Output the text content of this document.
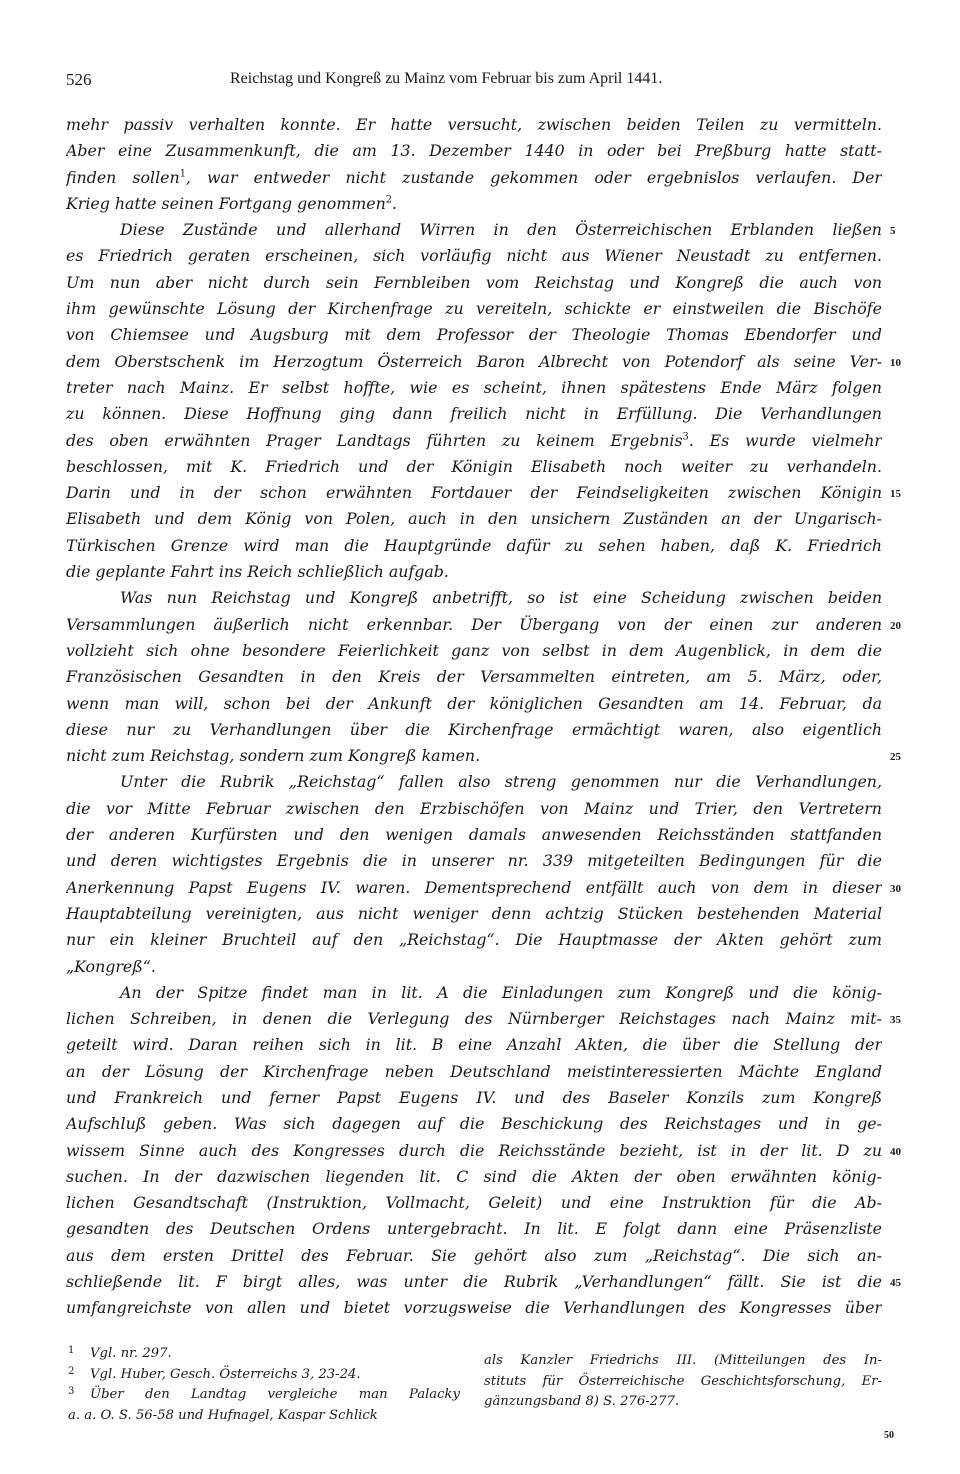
526	Reichstag und Kongreß zu Mainz vom Februar bis zum April 1441.
mehr passiv verhalten konnte. Er hatte versucht, zwischen beiden Teilen zu vermitteln.
Aber eine Zusammenkunft, die am 13. Dezember 1440 in oder bei Preßburg hatte statt-
finden sollen$^1$, war entweder nicht zustande gekommen oder ergebnislos verlaufen. Der
Krieg hatte seinen Fortgang genommen$^2$.
Diese Zustände und allerhand Wirren in den Österreichischen Erblanden ließen
es Friedrich geraten erscheinen, sich vorläufig nicht aus Wiener Neustadt zu entfernen.
Um nun aber nicht durch sein Fernbleiben vom Reichstag und Kongreß die auch von
ihm gewünschte Lösung der Kirchenfrage zu vereiteln, schickte er einstweilen die Bischöfe
von Chiemsee und Augsburg mit dem Professor der Theologie Thomas Ebendorfer und
dem Oberstschenk im Herzogtum Österreich Baron Albrecht von Potendorf als seine Ver-
treter nach Mainz. Er selbst hoffte, wie es scheint, ihnen spätestens Ende März folgen
zu können. Diese Hoffnung ging dann freilich nicht in Erfüllung. Die Verhandlungen
des oben erwähnten Prager Landtags führten zu keinem Ergebnis$^3$. Es wurde vielmehr
beschlossen, mit K. Friedrich und der Königin Elisabeth noch weiter zu verhandeln.
Darin und in der schon erwähnten Fortdauer der Feindseligkeiten zwischen Königin
Elisabeth und dem König von Polen, auch in den unsichern Zuständen an der Ungarisch-
Türkischen Grenze wird man die Hauptgründe dafür zu sehen haben, daß K. Friedrich
die geplante Fahrt ins Reich schließlich aufgab.
Was nun Reichstag und Kongreß anbetrifft, so ist eine Scheidung zwischen beiden
Versammlungen äußerlich nicht erkennbar. Der Übergang von der einen zur anderen
vollzieht sich ohne besondere Feierlichkeit ganz von selbst in dem Augenblick, in dem die
Französischen Gesandten in den Kreis der Versammelten eintreten, am 5. März, oder,
wenn man will, schon bei der Ankunft der königlichen Gesandten am 14. Februar, da
diese nur zu Verhandlungen über die Kirchenfrage ermächtigt waren, also eigentlich
nicht zum Reichstag, sondern zum Kongreß kamen.
Unter die Rubrik „Reichstag“ fallen also streng genommen nur die Verhandlungen,
die vor Mitte Februar zwischen den Erzbischöfen von Mainz und Trier, den Vertretern
der anderen Kurfürsten und den wenigen damals anwesenden Reichsständen stattfanden
und deren wichtigstes Ergebnis die in unserer nr. 339 mitgeteilten Bedingungen für die
Anerkennung Papst Eugens IV. waren. Dementsprechend entfällt auch von dem in dieser
Hauptabteilung vereinigten, aus nicht weniger denn achtzig Stücken bestehenden Material
nur ein kleiner Bruchteil auf den „Reichstag“. Die Hauptmasse der Akten gehört zum
„Kongreß“.
An der Spitze findet man in lit. A die Einladungen zum Kongreß und die könig-
lichen Schreiben, in denen die Verlegung des Nürnberger Reichstages nach Mainz mit-
geteilt wird. Daran reihen sich in lit. B eine Anzahl Akten, die über die Stellung der
an der Lösung der Kirchenfrage neben Deutschland meistinteressierten Mächte England
und Frankreich und ferner Papst Eugens IV. und des Baseler Konzils zum Kongreß
Aufschluß geben. Was sich dagegen auf die Beschickung des Reichstages und in ge-
wissem Sinne auch des Kongresses durch die Reichsstände bezieht, ist in der lit. D zu
suchen. In der dazwischen liegenden lit. C sind die Akten der oben erwähnten könig-
lichen Gesandtschaft (Instruktion, Vollmacht, Geleit) und eine Instruktion für die Ab-
gesandten des Deutschen Ordens untergebracht. In lit. E folgt dann eine Präsenzliste
aus dem ersten Drittel des Februar. Sie gehört also zum „Reichstag“. Die sich an-
schließende lit. F birgt alles, was unter die Rubrik „Verhandlungen“ fällt. Sie ist die
umfangreichste von allen und bietet vorzugsweise die Verhandlungen des Kongresses über
5
10
15
20
25
30
35
40
45
1 Vgl. nr. 297.
2 Vgl. Huber, Gesch. Österreichs 3, 23-24.
3 Über den Landtag vergleiche man Palacky
a. a. O. S. 56-58 und Hufnagel, Kaspar Schlick
als Kanzler Friedrichs III. (Mitteilungen des In-
stituts für Österreichische Geschichtsforschung, Er-
gänzungsband 8) S. 276-277.
50
